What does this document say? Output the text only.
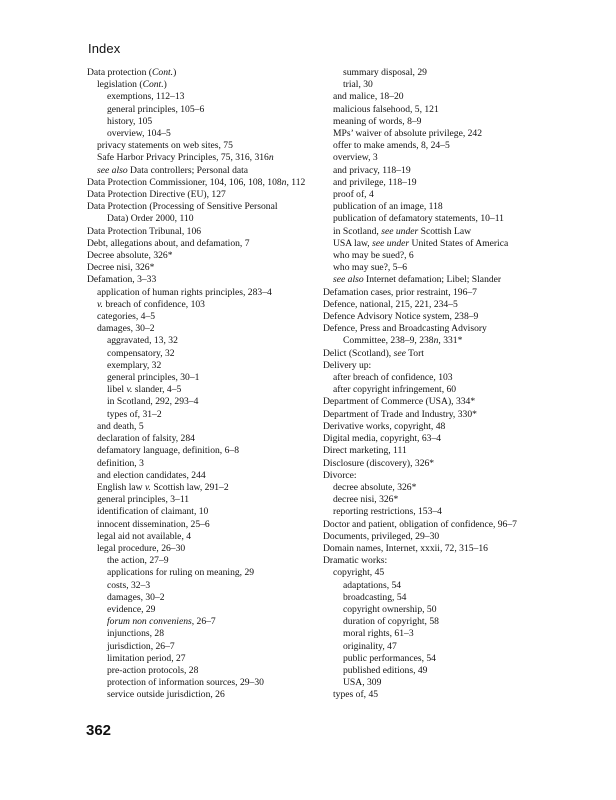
Index
Data protection (Cont.)
legislation (Cont.)
exemptions, 112–13
general principles, 105–6
history, 105
overview, 104–5
privacy statements on web sites, 75
Safe Harbor Privacy Principles, 75, 316, 316n
see also Data controllers; Personal data
Data Protection Commissioner, 104, 106, 108, 108n, 112
Data Protection Directive (EU), 127
Data Protection (Processing of Sensitive Personal
Data) Order 2000, 110
Data Protection Tribunal, 106
Debt, allegations about, and defamation, 7
Decree absolute, 326*
Decree nisi, 326*
Defamation, 3–33
application of human rights principles, 283–4
v. breach of confidence, 103
categories, 4–5
damages, 30–2
aggravated, 13, 32
compensatory, 32
exemplary, 32
general principles, 30–1
libel v. slander, 4–5
in Scotland, 292, 293–4
types of, 31–2
and death, 5
declaration of falsity, 284
defamatory language, definition, 6–8
definition, 3
and election candidates, 244
English law v. Scottish law, 291–2
general principles, 3–11
identification of claimant, 10
innocent dissemination, 25–6
legal aid not available, 4
legal procedure, 26–30
the action, 27–9
applications for ruling on meaning, 29
costs, 32–3
damages, 30–2
evidence, 29
forum non conveniens, 26–7
injunctions, 28
jurisdiction, 26–7
limitation period, 27
pre-action protocols, 28
protection of information sources, 29–30
service outside jurisdiction, 26
summary disposal, 29
trial, 30
and malice, 18–20
malicious falsehood, 5, 121
meaning of words, 8–9
MPs’ waiver of absolute privilege, 242
offer to make amends, 8, 24–5
overview, 3
and privacy, 118–19
and privilege, 118–19
proof of, 4
publication of an image, 118
publication of defamatory statements, 10–11
in Scotland, see under Scottish Law
USA law, see under United States of America
who may be sued?, 6
who may sue?, 5–6
see also Internet defamation; Libel; Slander
Defamation cases, prior restraint, 196–7
Defence, national, 215, 221, 234–5
Defence Advisory Notice system, 238–9
Defence, Press and Broadcasting Advisory
Committee, 238–9, 238n, 331*
Delict (Scotland), see Tort
Delivery up:
after breach of confidence, 103
after copyright infringement, 60
Department of Commerce (USA), 334*
Department of Trade and Industry, 330*
Derivative works, copyright, 48
Digital media, copyright, 63–4
Direct marketing, 111
Disclosure (discovery), 326*
Divorce:
decree absolute, 326*
decree nisi, 326*
reporting restrictions, 153–4
Doctor and patient, obligation of confidence, 96–7
Documents, privileged, 29–30
Domain names, Internet, xxxii, 72, 315–16
Dramatic works:
copyright, 45
adaptations, 54
broadcasting, 54
copyright ownership, 50
duration of copyright, 58
moral rights, 61–3
originality, 47
public performances, 54
published editions, 49
USA, 309
types of, 45
362
